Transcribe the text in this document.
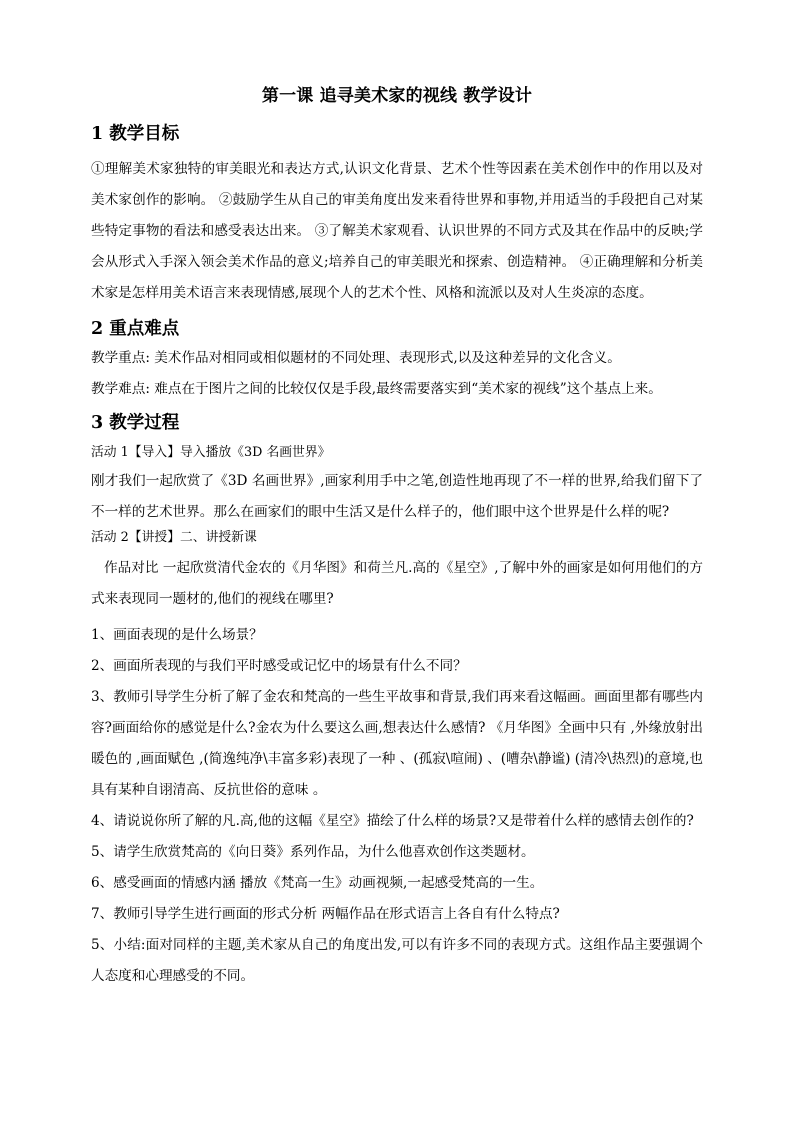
第一课 追寻美术家的视线 教学设计
1 教学目标
①理解美术家独特的审美眼光和表达方式,认识文化背景、艺术个性等因素在美术创作中的作用以及对美术家创作的影响。 ②鼓励学生从自己的审美角度出发来看待世界和事物,并用适当的手段把自己对某些特定事物的看法和感受表达出来。 ③了解美术家观看、认识世界的不同方式及其在作品中的反映;学会从形式入手深入领会美术作品的意义;培养自己的审美眼光和探索、创造精神。 ④正确理解和分析美术家是怎样用美术语言来表现情感,展现个人的艺术个性、风格和流派以及对人生炎凉的态度。
2 重点难点
教学重点: 美术作品对相同或相似题材的不同处理、表现形式,以及这种差异的文化含义。
教学难点: 难点在于图片之间的比较仅仅是手段,最终需要落实到“美术家的视线”这个基点上来。
3 教学过程
活动 1【导入】导入播放《3D 名画世界》
刚才我们一起欣赏了《3D 名画世界》,画家利用手中之笔,创造性地再现了不一样的世界,给我们留下了不一样的艺术世界。那么在画家们的眼中生活又是什么样子的，他们眼中这个世界是什么样的呢?
活动 2【讲授】二、讲授新课
作品对比 一起欣赏清代金农的《月华图》和荷兰凡.高的《星空》,了解中外的画家是如何用他们的方式来表现同一题材的,他们的视线在哪里?
1、画面表现的是什么场景？
2、画面所表现的与我们平时感受或记忆中的场景有什么不同？
3、教师引导学生分析了解了金农和梵高的一些生平故事和背景,我们再来看这幅画。画面里都有哪些内容?画面给你的感觉是什么?金农为什么要这么画,想表达什么感情? 《月华图》全画中只有 ,外缘放射出暖色的 ,画面赋色 ,(简逸纯净\丰富多彩)表现了一种 、(孤寂\喧闹) 、(嘈杂\静谧) (清冷\热烈)的意境,也具有某种自诩清高、反抗世俗的意味 。
4、请说说你所了解的凡.高,他的这幅《星空》描绘了什么样的场景?又是带着什么样的感情去创作的?
5、请学生欣赏梵高的《向日葵》系列作品，为什么他喜欢创作这类题材。
6、感受画面的情感内涵 播放《梵高一生》动画视频,一起感受梵高的一生。
7、教师引导学生进行画面的形式分析 两幅作品在形式语言上各自有什么特点?
5、小结:面对同样的主题,美术家从自己的角度出发,可以有许多不同的表现方式。这组作品主要强调个人态度和心理感受的不同。
